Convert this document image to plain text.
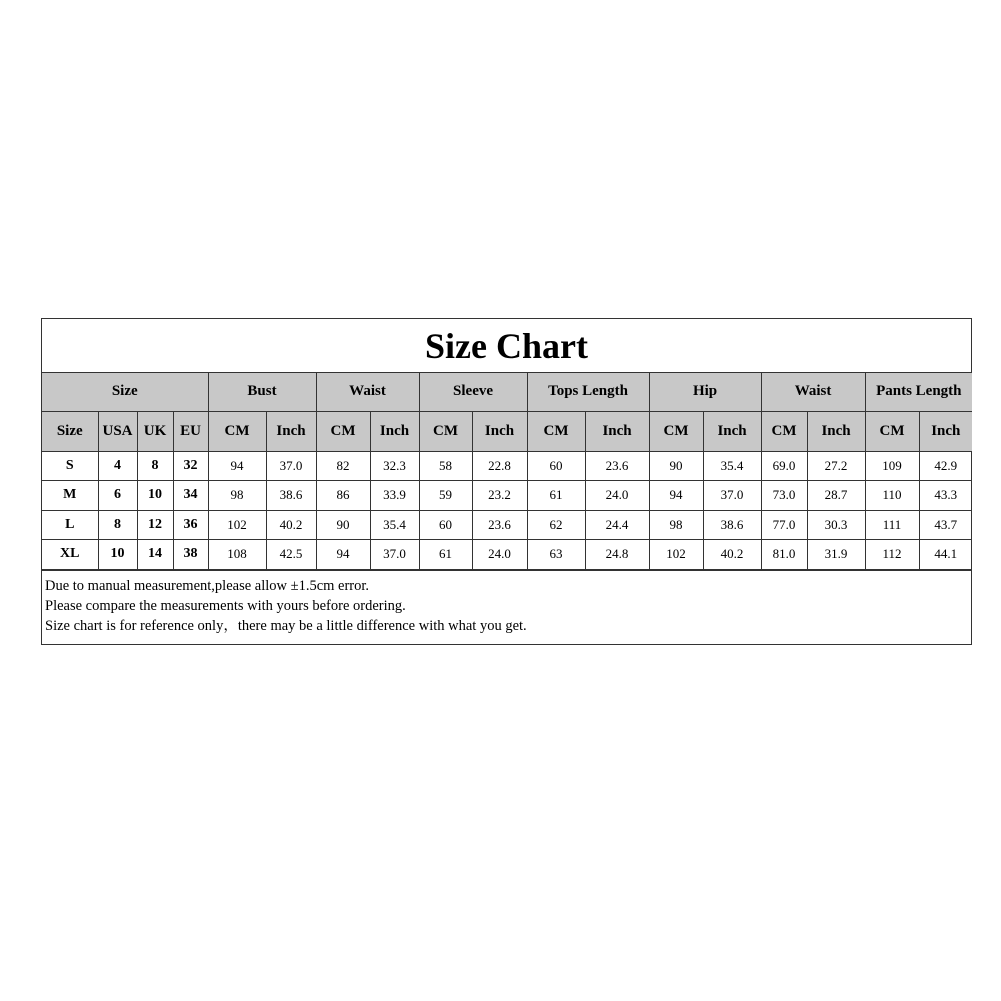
Size Chart
Size				Bust		Waist		Sleeve		Tops Length		Hip		Waist		Pants Length	
Size	USA	UK	EU	CM	Inch	CM	Inch	CM	Inch	CM	Inch	CM	Inch	CM	Inch	CM	Inch
S	4	8	32	94	37.0	82	32.3	58	22.8	60	23.6	90	35.4	69.0	27.2	109	42.9
M	6	10	34	98	38.6	86	33.9	59	23.2	61	24.0	94	37.0	73.0	28.7	110	43.3
L	8	12	36	102	40.2	90	35.4	60	23.6	62	24.4	98	38.6	77.0	30.3	111	43.7
XL	10	14	38	108	42.5	94	37.0	61	24.0	63	24.8	102	40.2	81.0	31.9	112	44.1
Due to manual measurement,please allow ±1.5cm error.
Please compare the measurements with yours before ordering.
Size chart is for reference only，there may be a little difference with what you get.
